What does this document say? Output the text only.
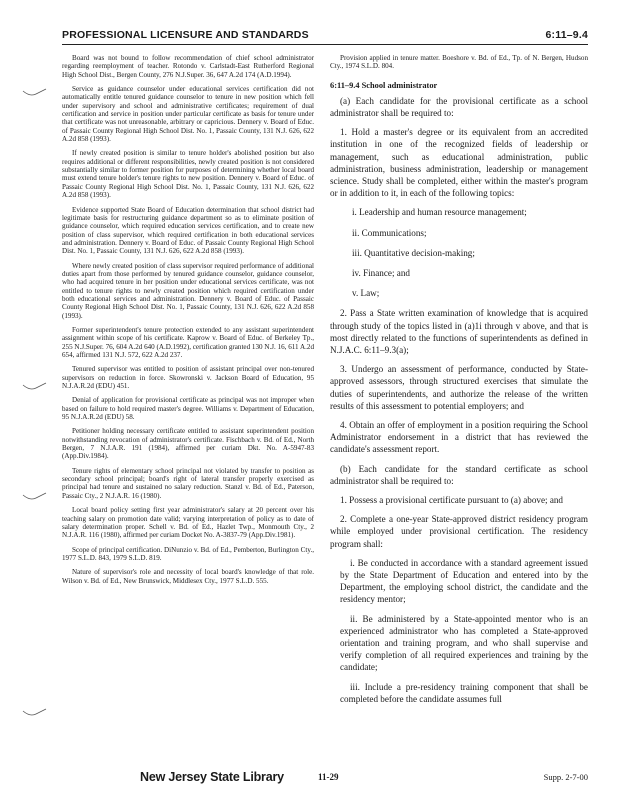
PROFESSIONAL LICENSURE AND STANDARDS	6:11–9.4

Board was not bound to follow recommendation of chief school administrator regarding reemployment of teacher. Rotondo v. Carlstadt-East Rutherford Regional High School Dist., Bergen County, 276 N.J.Super. 36, 647 A.2d 174 (A.D.1994).

Service as guidance counselor under educational services certification did not automatically entitle tenured guidance counselor to tenure in new position which fell under supervisory and school and administrative certificates; requirement of dual certification and service in position under particular certificate as basis for tenure under that certificate was not unreasonable, arbitrary or capricious. Dennery v. Board of Educ. of Passaic County Regional High School Dist. No. 1, Passaic County, 131 N.J. 626, 622 A.2d 858 (1993).

If newly created position is similar to tenure holder's abolished position but also requires additional or different responsibilities, newly created position is not considered substantially similar to former position for purposes of determining whether local board must extend tenure holder's tenure rights to new position. Dennery v. Board of Educ. of Passaic County Regional High School Dist. No. 1, Passaic County, 131 N.J. 626, 622 A.2d 858 (1993).

Evidence supported State Board of Education determination that school district had legitimate basis for restructuring guidance department so as to eliminate position of guidance counselor, which required education services certification, and to create new position of class supervisor, which required certification in both educational services and administration. Dennery v. Board of Educ. of Passaic County Regional High School Dist. No. 1, Passaic County, 131 N.J. 626, 622 A.2d 858 (1993).

Where newly created position of class supervisor required performance of additional duties apart from those performed by tenured guidance counselor, guidance counselor, who had acquired tenure in her position under educational services certificate, was not entitled to tenure rights to newly created position which required certification under both educational services and administration. Dennery v. Board of Educ. of Passaic County Regional High School Dist. No. 1, Passaic County, 131 N.J. 626, 622 A.2d 858 (1993).

Former superintendent's tenure protection extended to any assistant superintendent assignment within scope of his certificate. Kaprow v. Board of Educ. of Berkeley Tp., 255 N.J.Super. 76, 604 A.2d 640 (A.D.1992), certification granted 130 N.J. 16, 611 A.2d 654, affirmed 131 N.J. 572, 622 A.2d 237.

Tenured supervisor was entitled to position of assistant principal over non-tenured supervisors on reduction in force. Skowronski v. Jackson Board of Education, 95 N.J.A.R.2d (EDU) 451.

Denial of application for provisional certificate as principal was not improper when based on failure to hold required master's degree. Williams v. Department of Education, 95 N.J.A.R.2d (EDU) 58.

Petitioner holding necessary certificate entitled to assistant superintendent position notwithstanding revocation of administrator's certificate. Fischbach v. Bd. of Ed., North Bergen, 7 N.J.A.R. 191 (1984), affirmed per curiam Dkt. No. A-5947-83 (App.Div.1984).

Tenure rights of elementary school principal not violated by transfer to position as secondary school principal; board's right of lateral transfer properly exercised as principal had tenure and sustained no salary reduction. Stanzl v. Bd. of Ed., Paterson, Passaic Cty., 2 N.J.A.R. 16 (1980).

Local board policy setting first year administrator's salary at 20 percent over his teaching salary on promotion date valid; varying interpretation of policy as to date of salary determination proper. Schell v. Bd. of Ed., Hazlet Twp., Monmouth Cty., 2 N.J.A.R. 116 (1980), affirmed per curiam Docket No. A-3837-79 (App.Div.1981).

Scope of principal certification. DiNunzio v. Bd. of Ed., Pemberton, Burlington Cty., 1977 S.L.D. 843, 1979 S.L.D. 819.

Nature of supervisor's role and necessity of local board's knowledge of that role. Wilson v. Bd. of Ed., New Brunswick, Middlesex Cty., 1977 S.L.D. 555.

Provision applied in tenure matter. Boeshore v. Bd. of Ed., Tp. of N. Bergen, Hudson Cty., 1974 S.L.D. 804.

6:11–9.4 School administrator

(a) Each candidate for the provisional certificate as a school administrator shall be required to:

1. Hold a master's degree or its equivalent from an accredited institution in one of the recognized fields of leadership or management, such as educational administration, public administration, business administration, leadership or management science. Study shall be completed, either within the master's program or in addition to it, in each of the following topics:

i. Leadership and human resource management;

ii. Communications;

iii. Quantitative decision-making;

iv. Finance; and

v. Law;

2. Pass a State written examination of knowledge that is acquired through study of the topics listed in (a)1i through v above, and that is most directly related to the functions of superintendents as defined in N.J.A.C. 6:11–9.3(a);

3. Undergo an assessment of performance, conducted by State-approved assessors, through structured exercises that simulate the duties of superintendents, and authorize the release of the written results of this assessment to potential employers; and

4. Obtain an offer of employment in a position requiring the School Administrator endorsement in a district that has reviewed the candidate's assessment report.

(b) Each candidate for the standard certificate as school administrator shall be required to:

1. Possess a provisional certificate pursuant to (a) above; and

2. Complete a one-year State-approved district residency program while employed under provisional certification. The residency program shall:

i. Be conducted in accordance with a standard agreement issued by the State Department of Education and entered into by the Department, the employing school district, the candidate and the residency mentor;

ii. Be administered by a State-appointed mentor who is an experienced administrator who has completed a State-approved orientation and training program, and who shall supervise and verify completion of all required experiences and training by the candidate;

iii. Include a pre-residency training component that shall be completed before the candidate assumes full

New Jersey State Library	11-29	Supp. 2-7-00
